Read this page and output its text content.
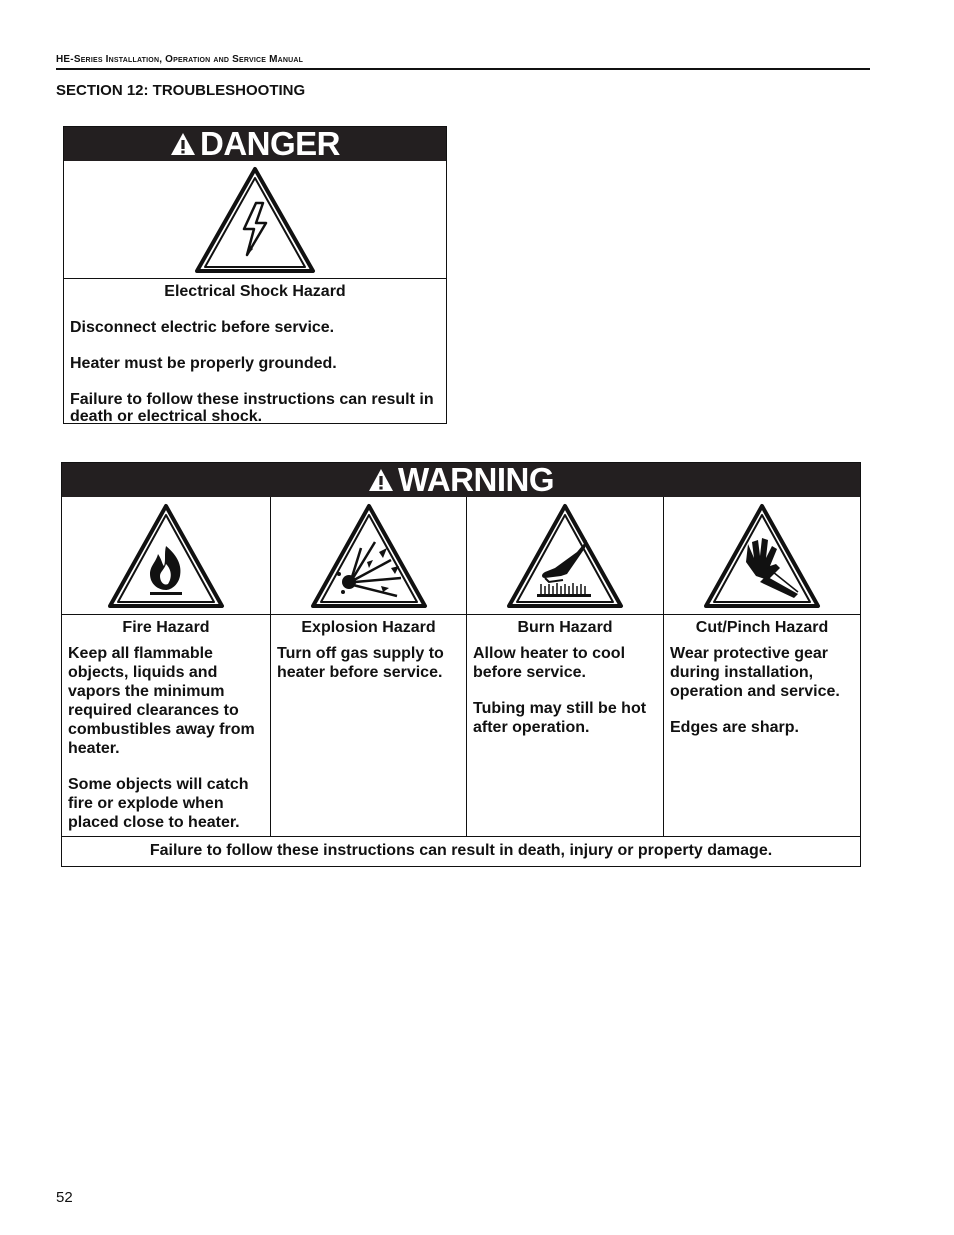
HE-Series Installation, Operation and Service Manual
SECTION 12: TROUBLESHOOTING
DANGER
Electrical Shock Hazard

Disconnect electric before service.

Heater must be properly grounded.

Failure to follow these instructions can result in death or electrical shock.

WARNING
Fire Hazard

Keep all flammable objects, liquids and vapors the minimum required clearances to combustibles away from heater.

Some objects will catch fire or explode when placed close to heater.

Explosion Hazard

Turn off gas supply to heater before service.

Burn Hazard

Allow heater to cool before service.

Tubing may still be hot after operation.

Cut/Pinch Hazard

Wear protective gear during installation, operation and service.

Edges are sharp.

Failure to follow these instructions can result in death, injury or property damage.
52
